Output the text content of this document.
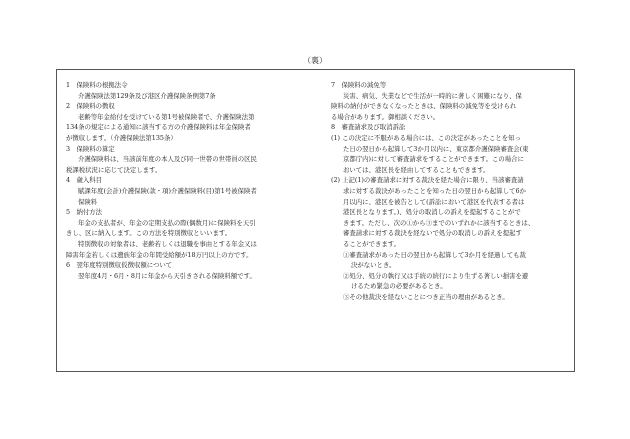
（裏）
1　保険料の根拠法令
介護保険法第129条及び港区介護保険条例第7条
2　保険料の徴収
老齢等年金給付を受けている第1号被保険者で、介護保険法第
134条の規定による通知に該当する方の介護保険料は年金保険者
が徴収します。（介護保険法第135条）
3　保険料の算定
介護保険料は、当該前年度の本人及び同一世帯の世帯員の区民
税課税状況に応じて決定します。
4　歳入科目
賦課年度(会計)介護保険(款・項)介護保険料(目)第1号被保険者
保険料
5　納付方法
年金の支払者が、年金の定期支払の際(偶数月)に保険料を天引
きし、区に納入します。この方法を特別徴収といいます。
特別徴収の対象者は、老齢若しくは退職を事由とする年金又は
障害年金若しくは遺族年金の年間受給額が18万円以上の方です。
6　翌年度特別徴収仮徴収額について
翌年度4月・6月・8月に年金から天引きされる保険料額です。
7　保険料の減免等
災害、病気、失業などで生活が一時的に著しく困難になり、保
険料の納付ができなくなったときは、保険料の減免等を受けられ
る場合があります。御相談ください。
8　審査請求及び取消訴訟
(1) この決定に不服がある場合には、この決定があったことを知っ
た日の翌日から起算して3か月以内に、東京都介護保険審査会(東
京都庁内)に対して審査請求をすることができます。この場合に
おいては、港区長を経由してすることもできます。
(2) 上記(1)の審査請求に対する裁決を経た場合に限り、当該審査請
求に対する裁決があったことを知った日の翌日から起算して6か
月以内に、港区を被告として(訴訟において港区を代表する者は
港区長となります。)、処分の取消しの訴えを提起することがで
きます。ただし、次の①から③までのいずれかに該当するときは、
審査請求に対する裁決を経ないで処分の取消しの訴えを提起す
ることができます。
①審査請求があった日の翌日から起算して3か月を経過しても裁
決がないとき。
②処分、処分の執行又は手続の続行により生ずる著しい損害を避
けるため緊急の必要があるとき。
③その他裁決を経ないことにつき正当の理由があるとき。
